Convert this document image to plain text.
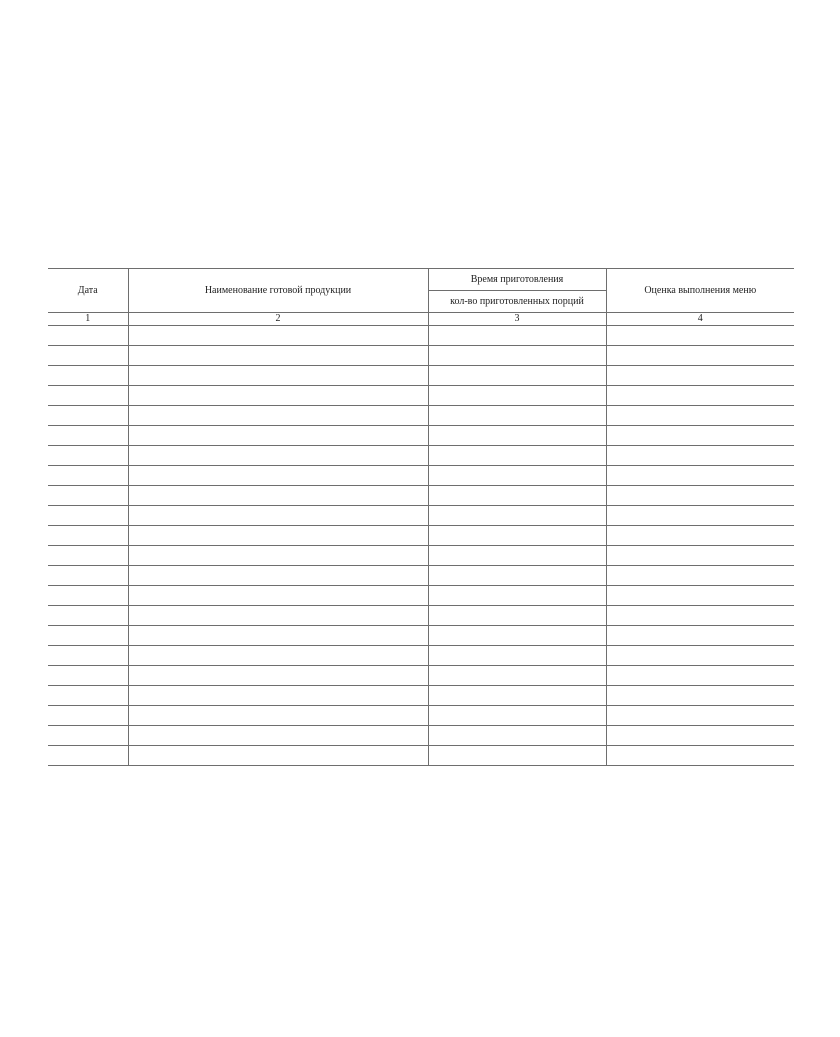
Дата	Наименование готовой продукции	Время приготовления	Оценка выполнения меню
		кол-во приготовленных порций	
1	2	3	4
